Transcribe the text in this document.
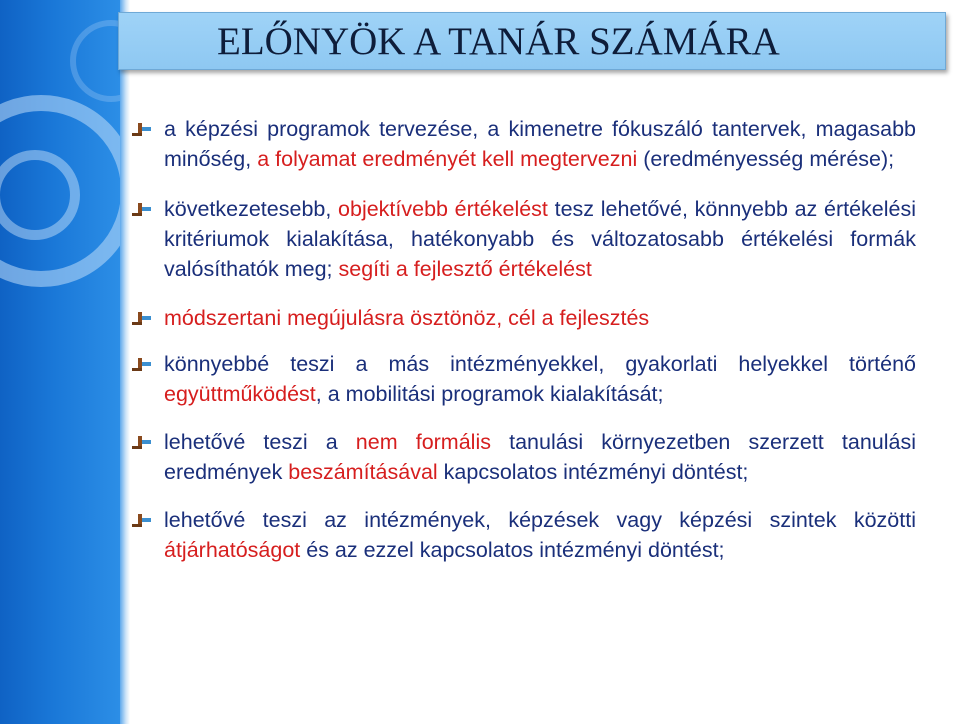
ELŐNYÖK A TANÁR SZÁMÁRA

a képzési programok tervezése, a kimenetre fókuszáló tantervek, magasabb minőség, a folyamat eredményét kell megtervezni (eredményesség mérése);

következetesebb, objektívebb értékelést tesz lehetővé, könnyebb az értékelési kritériumok kialakítása, hatékonyabb és változatosabb értékelési formák valósíthatók meg; segíti a fejlesztő értékelést

módszertani megújulásra ösztönöz, cél a fejlesztés

könnyebbé teszi a más intézményekkel, gyakorlati helyekkel történő együttműködést, a mobilitási programok kialakítását;

lehetővé teszi a nem formális tanulási környezetben szerzett tanulási eredmények beszámításával kapcsolatos intézményi döntést;

lehetővé teszi az intézmények, képzések vagy képzési szintek közötti átjárhatóságot és az ezzel kapcsolatos intézményi döntést;
